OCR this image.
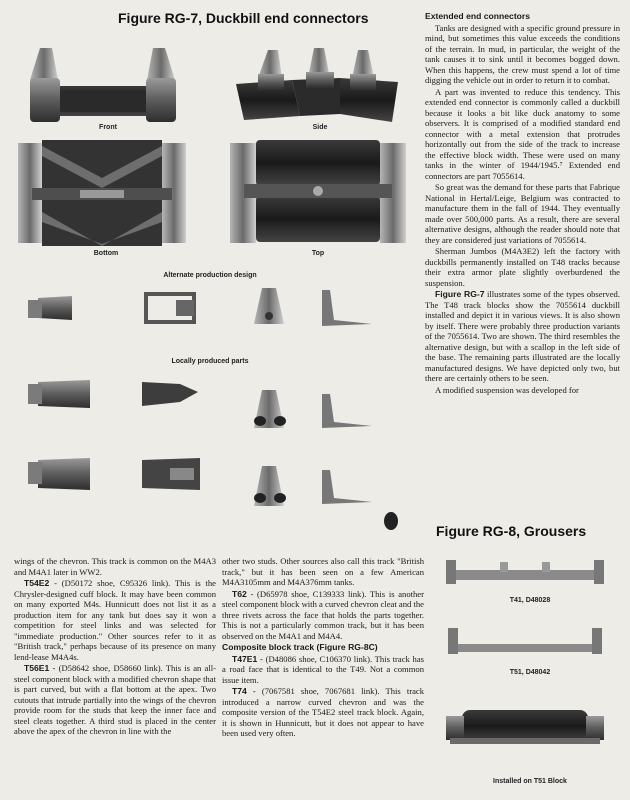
Figure RG-7, Duckbill end connectors
Front	Side
Bottom	Top
Alternate production design
Locally produced parts
Extended end connectors

Tanks are designed with a specific ground pressure in mind, but sometimes this value exceeds the conditions of the terrain. In mud, in particular, the weight of the tank causes it to sink until it becomes bogged down. When this happens, the crew must spend a lot of time digging the vehicle out in order to return it to combat.

A part was invented to reduce this tendency. This extended end connector is commonly called a duckbill because it looks a bit like duck anatomy to some observers. It is comprised of a modified standard end connector with a metal extension that protrudes horizontally out from the side of the track to increase the effective block width. These were used on many tanks in the winter of 1944/1945.⁷ Extended end connectors are part 7055614.

So great was the demand for these parts that Fabrique National in Hertal/Leige, Belgium was contracted to manufacture them in the fall of 1944. They eventually made over 500,000 parts. As a result, there are several alternative designs, although the reader should note that they are considered just variations of 7055614.

Sherman Jumbos (M4A3E2) left the factory with duckbills permanently installed on T48 tracks because their extra armor plate slightly overburdened the suspension.

Figure RG-7 illustrates some of the types observed. The T48 track blocks show the 7055614 duckbill installed and depict it in various views. It is also shown by itself. There were probably three production variants of the 7055614. Two are shown. The third resembles the alternative design, but with a scallop in the left side of the base. The remaining parts illustrated are the locally manufactured designs. We have depicted only two, but there are certainly others to be seen.

A modified suspension was developed for

Figure RG-8, Grousers
T41, D48028
T51, D48042
Installed on T51 Block

wings of the chevron. This track is common on the M4A3 and M4A1 later in WW2.

T54E2 - (D50172 shoe, C95326 link). This is the Chrysler-designed cuff block. It may have been common on many exported M4s. Hunnicutt does not list it as a production item for any tank but does say it won a competition for steel links and was selected for "immediate production." Other sources refer to it as "British track," perhaps because of its presence on many lend-lease M4A4s.

T56E1 - (D58642 shoe, D58660 link). This is an all-steel component block with a modified chevron shape that is part curved, but with a flat bottom at the apex. Two cutouts that intrude partially into the wings of the chevron provide room for the studs that keep the inner face and steel cleats together. A third stud is placed in the center above the apex of the chevron in line with the

other two studs. Other sources also call this track "British track," but it has been seen on a few American M4A3105mm and M4A376mm tanks.

T62 - (D65978 shoe, C139333 link). This is another steel component block with a curved chevron cleat and the three rivets across the face that holds the parts together. This is not a particularly common track, but it has been observed on the M4A1 and M4A4.

Composite block track (Figure RG-8C)

T47E1 - (D48086 shoe, C106370 link). This track has a road face that is identical to the T49. Not a common issue item.

T74 - (7067581 shoe, 7067681 link). This track introduced a narrow curved chevron and was the composite version of the T54E2 steel track block. Again, it is shown in Hunnicutt, but it does not appear to have been used very often.
